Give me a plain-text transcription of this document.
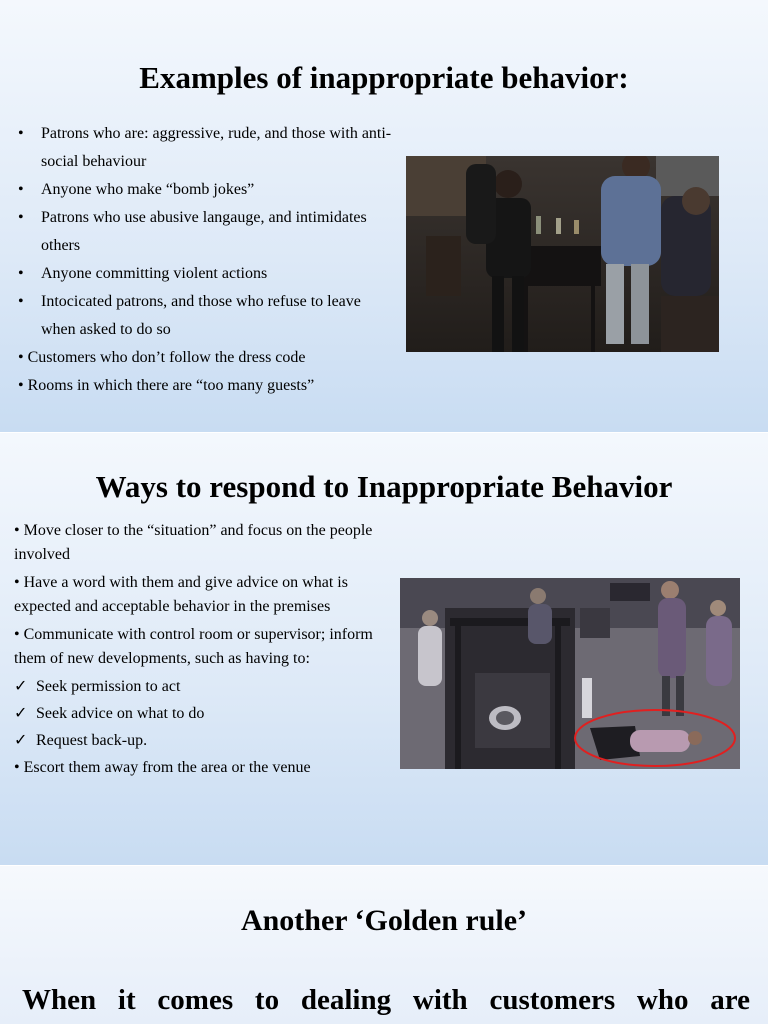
Examples of inappropriate behavior:
• Patrons who are: aggressive, rude, and those with anti-social behaviour
• Anyone who make “bomb jokes”
• Patrons who use abusive langauge, and intimidates others
• Anyone committing violent actions
• Intocicated patrons, and those who refuse to leave when asked to do so
• Customers who don’t follow the dress code
• Rooms in which there are “too many guests”
Ways to respond to Inappropriate Behavior
• Move closer to the “situation” and focus on the people involved
• Have a word with them and give advice on what is expected and acceptable behavior in the premises
• Communicate with control room or supervisor; inform them of new developments, such as having to:
✓ Seek permission to act
✓ Seek advice on what to do
✓ Request back-up.
• Escort them away from the area or the venue
Another ‘Golden rule’
When it comes to dealing with customers who are
